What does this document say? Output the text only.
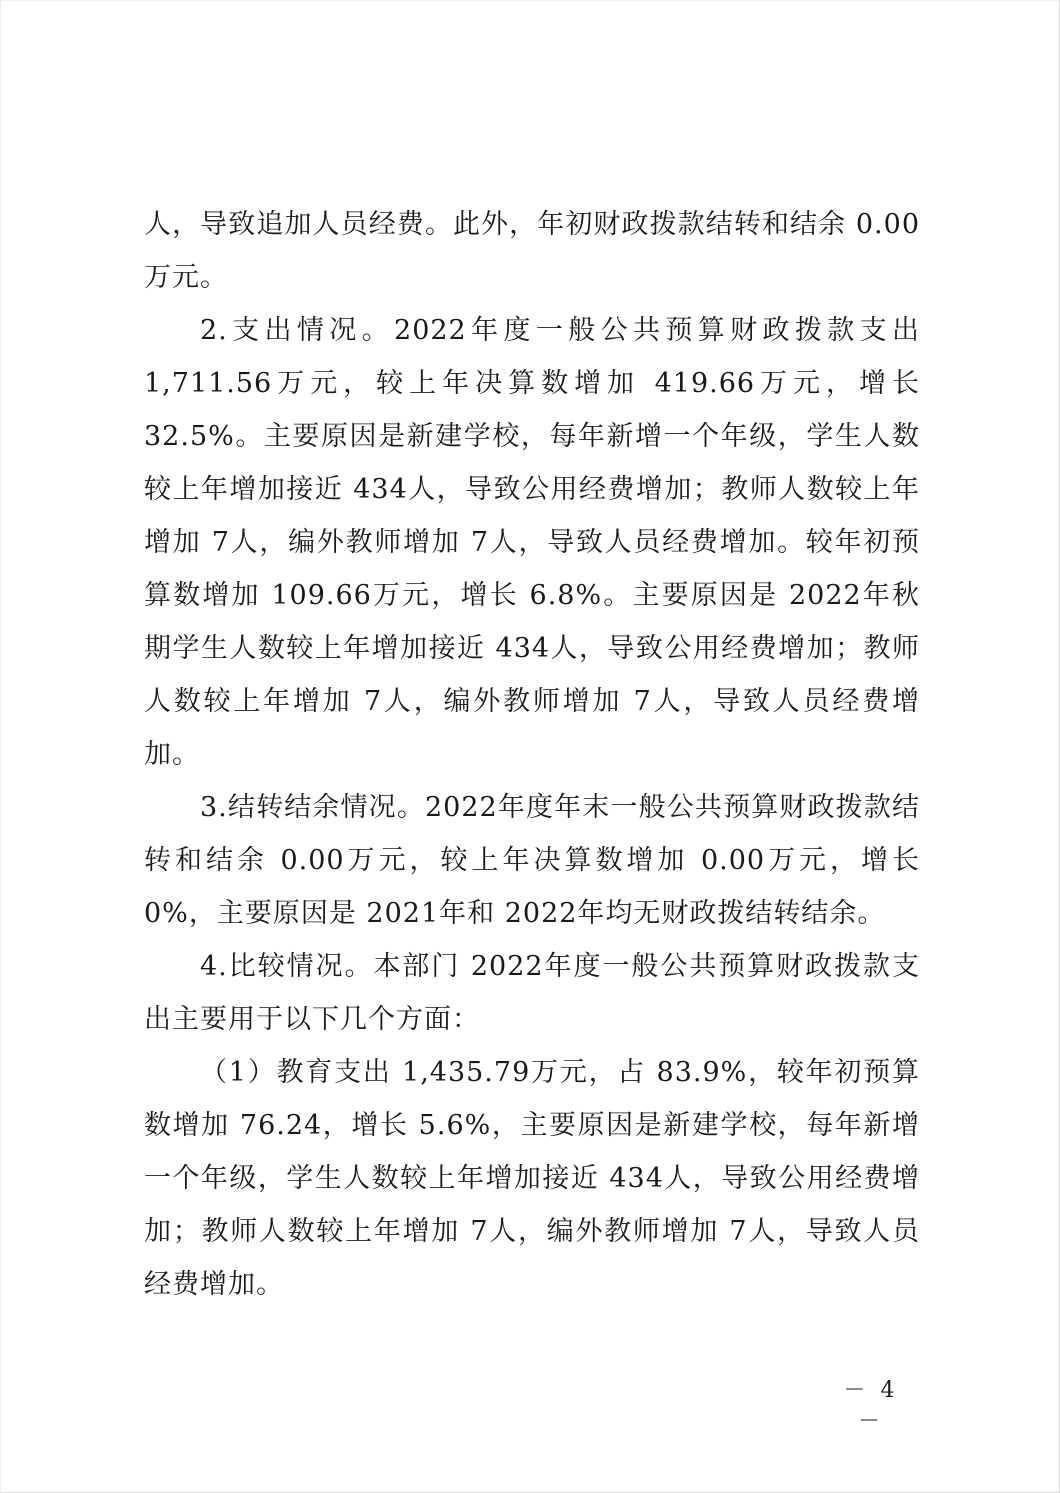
人，导致追加人员经费。此外，年初财政拨款结转和结余 0.00万元。

2.支出情况。2022年度一般公共预算财政拨款支出 1,711.56万元，较上年决算数增加 419.66万元，增长 32.5%。主要原因是新建学校，每年新增一个年级，学生人数较上年增加接近 434人，导致公用经费增加；教师人数较上年增加 7人，编外教师增加 7人，导致人员经费增加。较年初预算数增加 109.66万元，增长 6.8%。主要原因是 2022年秋期学生人数较上年增加接近 434人，导致公用经费增加；教师人数较上年增加 7人，编外教师增加 7人，导致人员经费增加。

3.结转结余情况。2022年度年末一般公共预算财政拨款结转和结余 0.00万元，较上年决算数增加 0.00万元，增长 0%，主要原因是 2021年和 2022年均无财政拨结转结余。

4.比较情况。本部门 2022年度一般公共预算财政拨款支出主要用于以下几个方面：

（1）教育支出 1,435.79万元，占 83.9%，较年初预算数增加 76.24，增长 5.6%，主要原因是新建学校，每年新增一个年级，学生人数较上年增加接近 434人，导致公用经费增加；教师人数较上年增加 7人，编外教师增加 7人，导致人员经费增加。

－ 4 －
